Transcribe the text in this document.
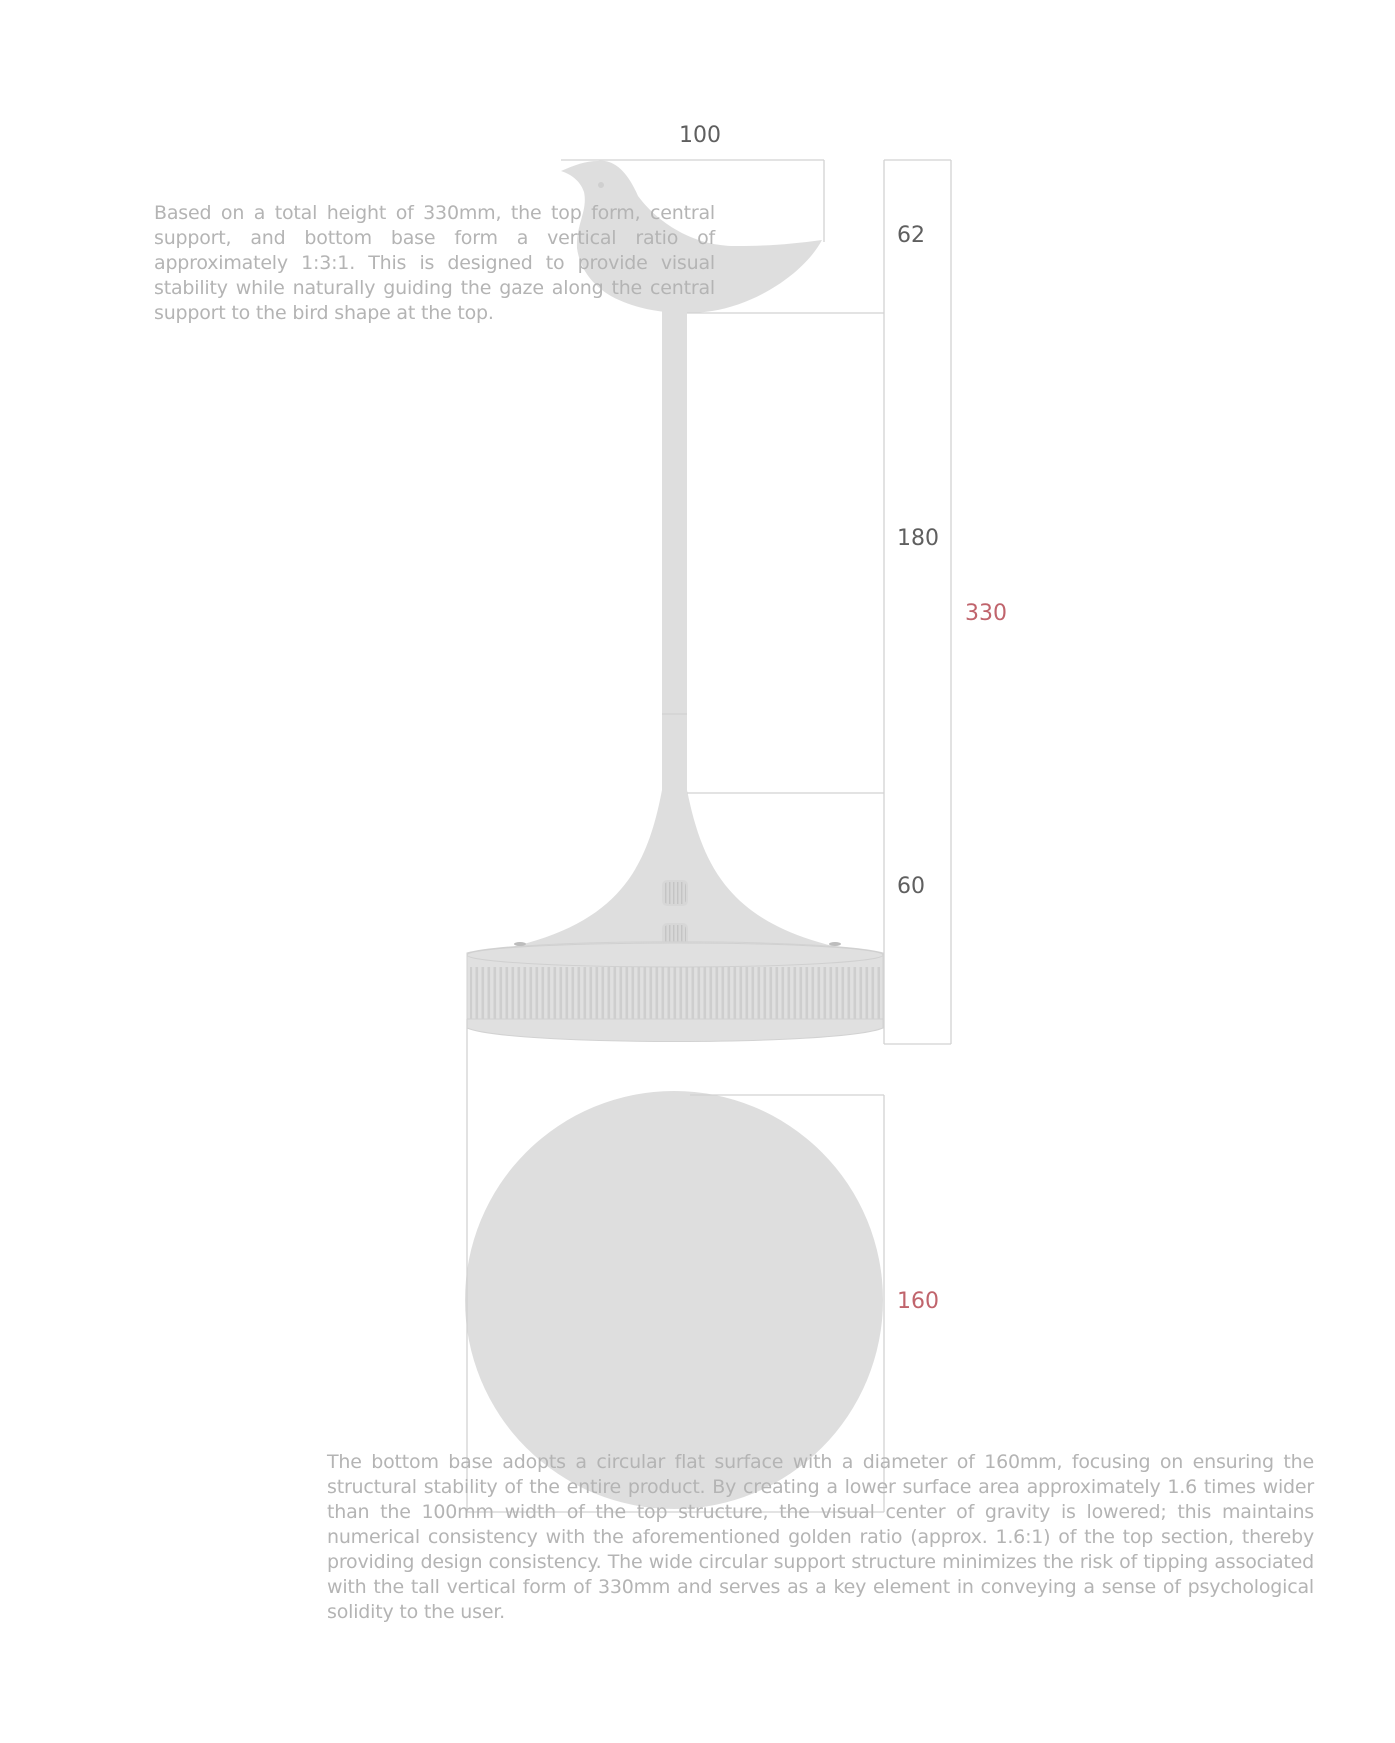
100
62
180
60
330
160

Based on a total height of 330mm, the top form, central support, and bottom base form a vertical ratio of approximately 1:3:1. This is designed to provide visual stability while naturally guiding the gaze along the central support to the bird shape at the top.

The bottom base adopts a circular flat surface with a diameter of 160mm, focusing on ensuring the structural stability of the entire product. By creating a lower surface area approximately 1.6 times wider than the 100mm width of the top structure, the visual center of gravity is lowered; this maintains numerical consistency with the aforementioned golden ratio (approx. 1.6:1) of the top section, thereby providing design consistency. The wide circular support structure minimizes the risk of tipping associated with the tall vertical form of 330mm and serves as a key element in conveying a sense of psychological solidity to the user.
